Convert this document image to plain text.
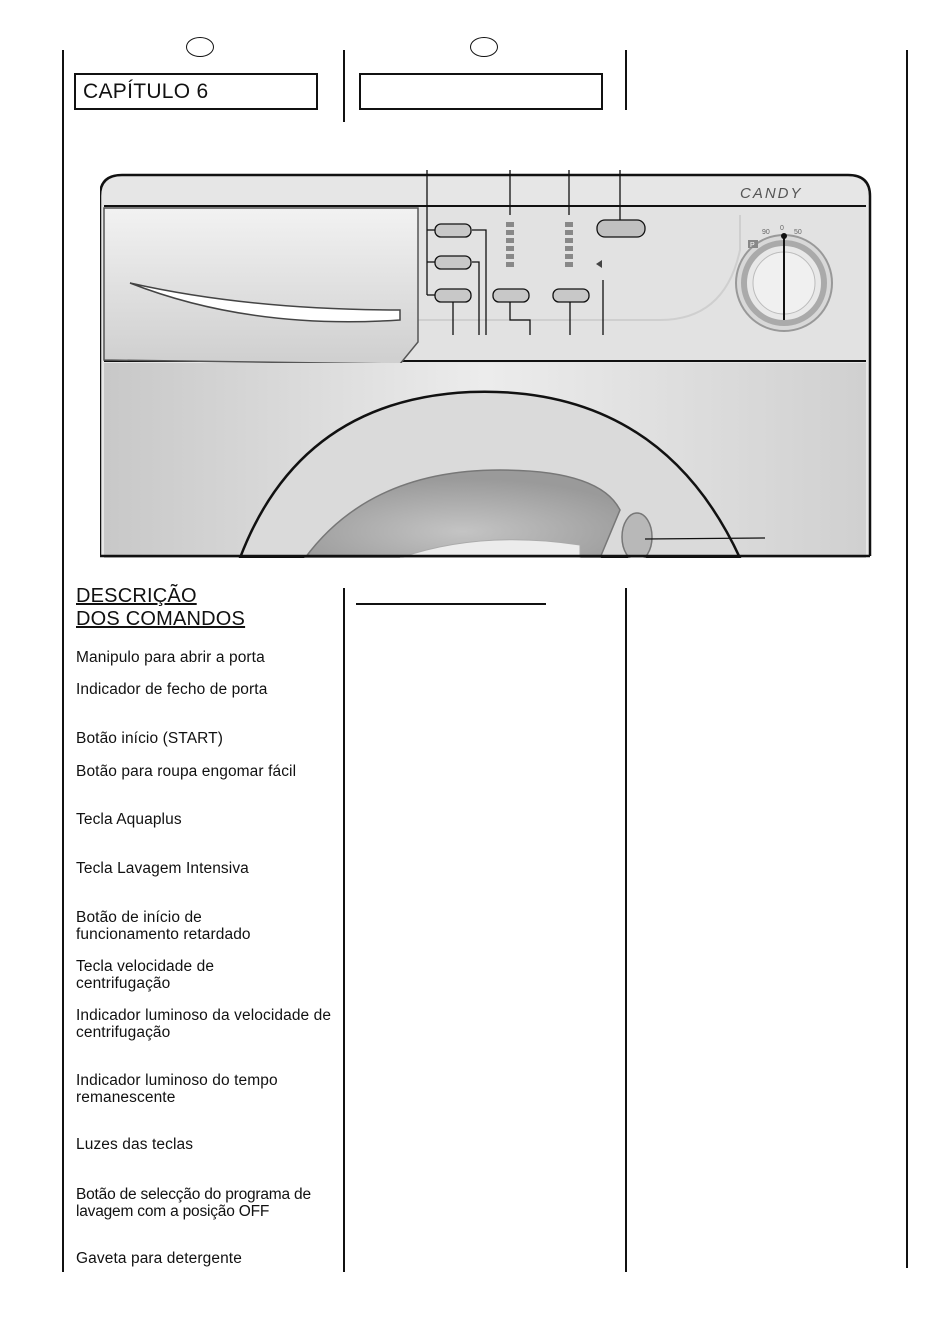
CAPÍTULO 6
CANDY
90
0
50
P
DESCRIÇÃO
DOS COMANDOS
Manipulo para abrir a porta
Indicador de fecho de porta
Botão início (START)
Botão para roupa engomar fácil
Tecla Aquaplus
Tecla Lavagem Intensiva
Botão de início de funcionamento retardado
Tecla velocidade de centrifugação
Indicador luminoso da velocidade de centrifugação
Indicador luminoso do tempo remanescente
Luzes das teclas
Botão de selecção do programa de lavagem com a posição OFF
Gaveta para detergente
